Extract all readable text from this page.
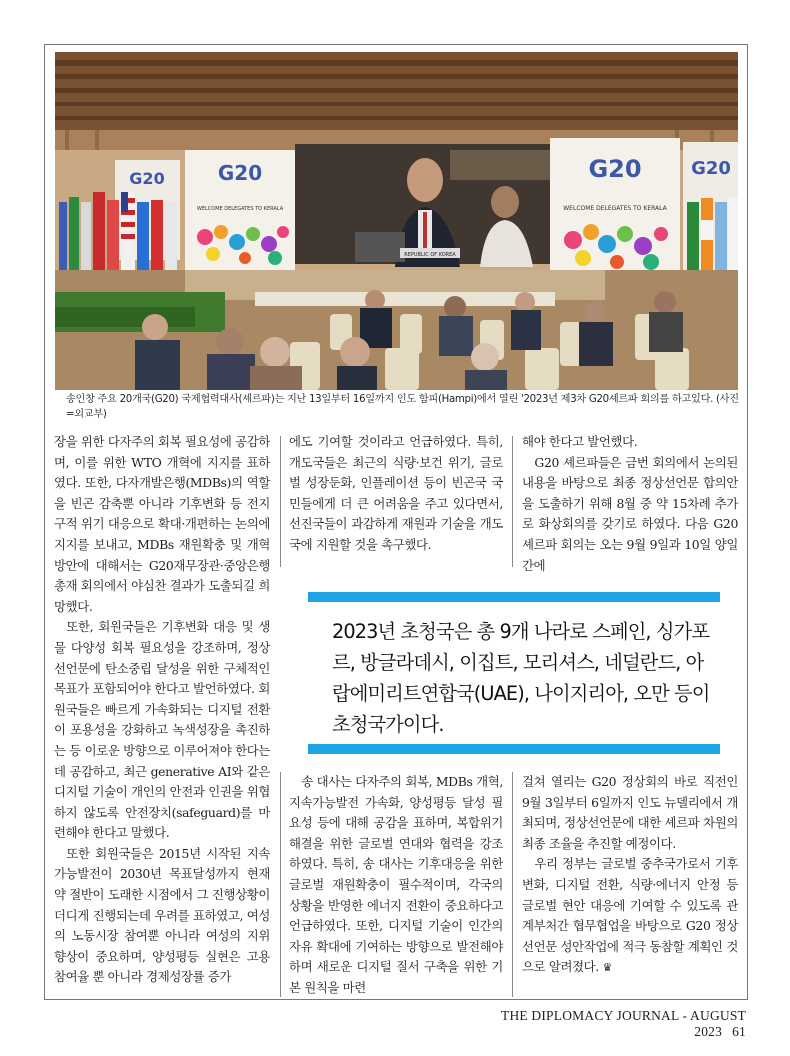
G20
WELCOME DELEGATES TO KERALA
G20
REPUBLIC OF KOREA
G20
WELCOME DELEGATES TO KERALA
G20
송인창 주요 20개국(G20) 국제협력대사(셰르파)는 지난 13일부터 16일까지 인도 함피(Hampi)에서 열린 '2023년 제3차 G20셰르파 회의를 하고있다. (사진=외교부)

장을 위한 다자주의 회복 필요성에 공감하며, 이를 위한 WTO 개혁에 지지를 표하였다. 또한, 다자개발은행(MDBs)의 역할을 빈곤 감축뿐 아니라 기후변화 등 전지구적 위기 대응으로 확대·개편하는 논의에 지지를 보내고, MDBs 재원확충 및 개혁방안에 대해서는 G20재무장관·중앙은행총재 회의에서 야심찬 결과가 도출되길 희망했다.

또한, 회원국들은 기후변화 대응 및 생물 다양성 회복 필요성을 강조하며, 정상선언문에 탄소중립 달성을 위한 구체적인 목표가 포함되어야 한다고 발언하였다. 회원국들은 빠르게 가속화되는 디지털 전환이 포용성을 강화하고 녹색성장을 촉진하는 등 이로운 방향으로 이루어져야 한다는데 공감하고, 최근 generative AI와 같은 디지털 기술이 개인의 안전과 인권을 위협하지 않도록 안전장치(safeguard)를 마련해야 한다고 말했다.

또한 회원국들은 2015년 시작된 지속가능발전이 2030년 목표달성까지 현재 약 절반이 도래한 시점에서 그 진행상황이 더디게 진행되는데 우려를 표하였고, 여성의 노동시장 참여뿐 아니라 여성의 지위 향상이 중요하며, 양성평등 실현은 고용 참여율 뿐 아니라 경제성장률 증가

에도 기여할 것이라고 언급하였다. 특히, 개도국들은 최근의 식량·보건 위기, 글로벌 성장둔화, 인플레이션 등이 빈곤국 국민들에게 더 큰 어려움을 주고 있다면서, 선진국들이 과감하게 재원과 기술을 개도국에 지원할 것을 촉구했다.

해야 한다고 발언했다.

G20 셰르파들은 금번 회의에서 논의된 내용을 바탕으로 최종 정상선언문 합의안을 도출하기 위해 8월 중 약 15차례 추가로 화상회의를 갖기로 하였다. 다음 G20 셰르파 회의는 오는 9월 9일과 10일 양일간에

2023년 초청국은 총 9개 나라로 스페인, 싱가포르, 방글라데시, 이집트, 모리셔스, 네덜란드, 아랍에미리트연합국(UAE), 나이지리아, 오만 등이 초청국가이다.

송 대사는 다자주의 회복, MDBs 개혁, 지속가능발전 가속화, 양성평등 달성 필요성 등에 대해 공감을 표하며, 복합위기 해결을 위한 글로벌 연대와 협력을 강조하였다. 특히, 송 대사는 기후대응을 위한 글로벌 재원확충이 필수적이며, 각국의 상황을 반영한 에너지 전환이 중요하다고 언급하였다. 또한, 디지털 기술이 인간의 자유 확대에 기여하는 방향으로 발전해야 하며 새로운 디지털 질서 구축을 위한 기본 원칙을 마련

걸쳐 열리는 G20 정상회의 바로 직전인 9월 3일부터 6일까지 인도 뉴델리에서 개최되며, 정상선언문에 대한 셰르파 차원의 최종 조율을 추진할 예정이다.

우리 정부는 글로벌 중추국가로서 기후 변화, 디지털 전환, 식량·에너지 안정 등 글로벌 현안 대응에 기여할 수 있도록 관계부처간 협무협업을 바탕으로 G20 정상선언문 성안작업에 적극 동참할 계획인 것으로 알려졌다. ♛

THE DIPLOMACY JOURNAL - AUGUST 2023 61
